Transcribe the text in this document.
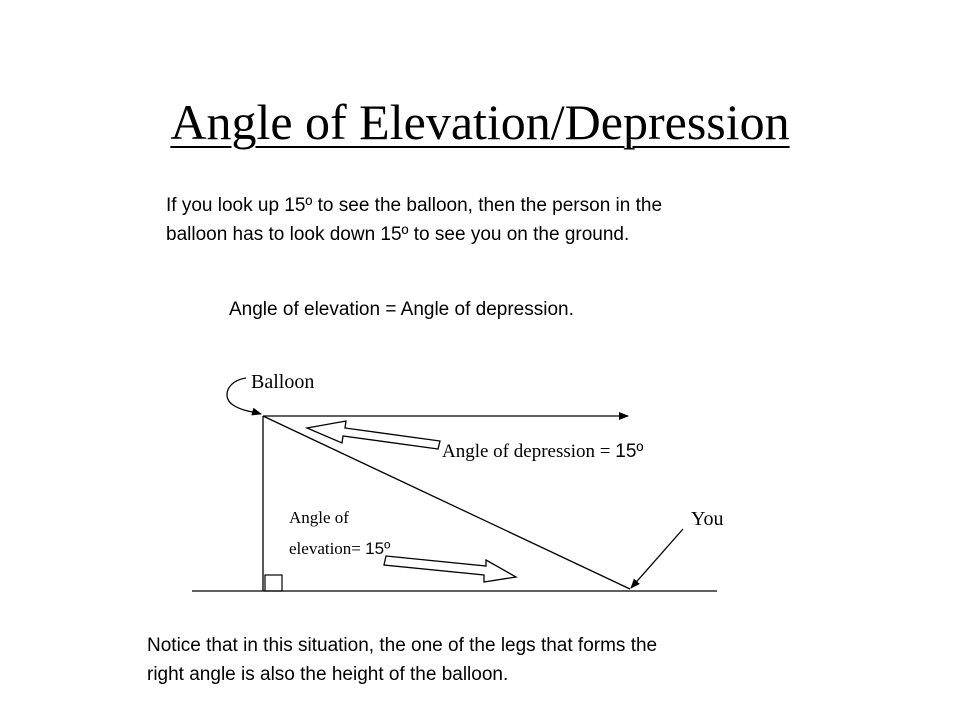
Angle of Elevation/Depression
If you look up 15º to see the balloon, then the person in the
balloon has to look down 15º to see you on the ground.
Angle of elevation = Angle of depression.
Balloon
Angle of depression = 15º
You
Angle of
elevation= 15º
Notice that in this situation, the one of the legs that forms the
right angle is also the height of the balloon.
